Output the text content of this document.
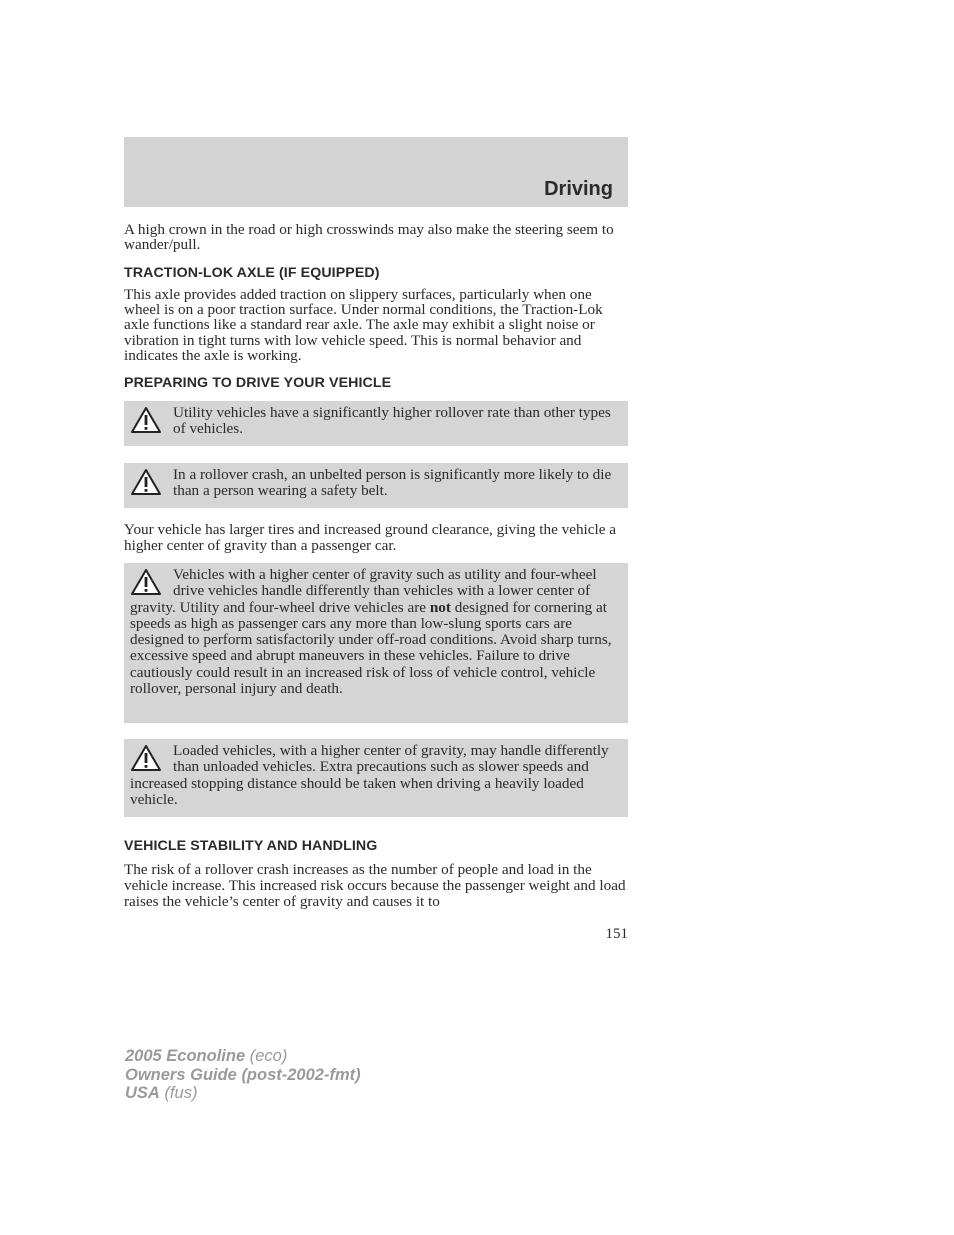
Driving

A high crown in the road or high crosswinds may also make the steering seem to wander/pull.

TRACTION-LOK AXLE (IF EQUIPPED)

This axle provides added traction on slippery surfaces, particularly when one wheel is on a poor traction surface. Under normal conditions, the Traction-Lok axle functions like a standard rear axle. The axle may exhibit a slight noise or vibration in tight turns with low vehicle speed. This is normal behavior and indicates the axle is working.

PREPARING TO DRIVE YOUR VEHICLE

Utility vehicles have a significantly higher rollover rate than other types of vehicles.

In a rollover crash, an unbelted person is significantly more likely to die than a person wearing a safety belt.

Your vehicle has larger tires and increased ground clearance, giving the vehicle a higher center of gravity than a passenger car.

Vehicles with a higher center of gravity such as utility and four-wheel drive vehicles handle differently than vehicles with a lower center of gravity. Utility and four-wheel drive vehicles are not designed for cornering at speeds as high as passenger cars any more than low-slung sports cars are designed to perform satisfactorily under off-road conditions. Avoid sharp turns, excessive speed and abrupt maneuvers in these vehicles. Failure to drive cautiously could result in an increased risk of loss of vehicle control, vehicle rollover, personal injury and death.

Loaded vehicles, with a higher center of gravity, may handle differently than unloaded vehicles. Extra precautions such as slower speeds and increased stopping distance should be taken when driving a heavily loaded vehicle.

VEHICLE STABILITY AND HANDLING

The risk of a rollover crash increases as the number of people and load in the vehicle increase. This increased risk occurs because the passenger weight and load raises the vehicle’s center of gravity and causes it to

151
2005 Econoline (eco)
Owners Guide (post-2002-fmt)
USA (fus)
